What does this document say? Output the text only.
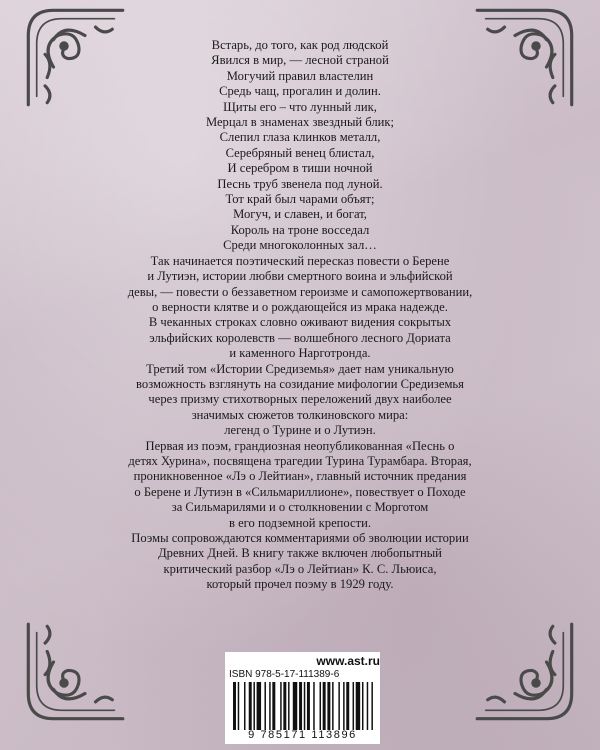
Встарь, до того, как род людской
Явился в мир, — лесной страной
Могучий правил властелин
Средь чащ, прогалин и долин.
Щиты его – что лунный лик,
Мерцал в знаменах звездный блик;
Слепил глаза клинков металл,
Серебряный венец блистал,
И серебром в тиши ночной
Песнь труб звенела под луной.
Тот край был чарами объят;
Могуч, и славен, и богат,
Король на троне восседал
Среди многоколонных зал…
Так начинается поэтический пересказ повести о Берене
и Лутиэн, истории любви смертного воина и эльфийской
девы, — повести о беззаветном героизме и самопожертвовании,
о верности клятве и о рождающейся из мрака надежде.
В чеканных строках словно оживают видения сокрытых
эльфийских королевств — волшебного лесного Дориата
и каменного Нарготронда.
Третий том «Истории Средиземья» дает нам уникальную
возможность взглянуть на созидание мифологии Средиземья
через призму стихотворных переложений двух наиболее
значимых сюжетов толкиновского мира:
легенд о Турине и о Лутиэн.
Первая из поэм, грандиозная неопубликованная «Песнь о
детях Хурина», посвящена трагедии Турина Турамбара. Вторая,
проникновенное «Лэ о Лейтиан», главный источник предания
о Берене и Лутиэн в «Сильмариллионе», повествует о Походе
за Сильмарилями и о столкновении с Морготом
в его подземной крепости.
Поэмы сопровождаются комментариями об эволюции истории
Древних Дней. В книгу также включен любопытный
критический разбор «Лэ о Лейтиан» К. С. Льюиса,
который прочел поэму в 1929 году.
www.ast.ru
ISBN 978-5-17-111389-6
9 785171 113896
